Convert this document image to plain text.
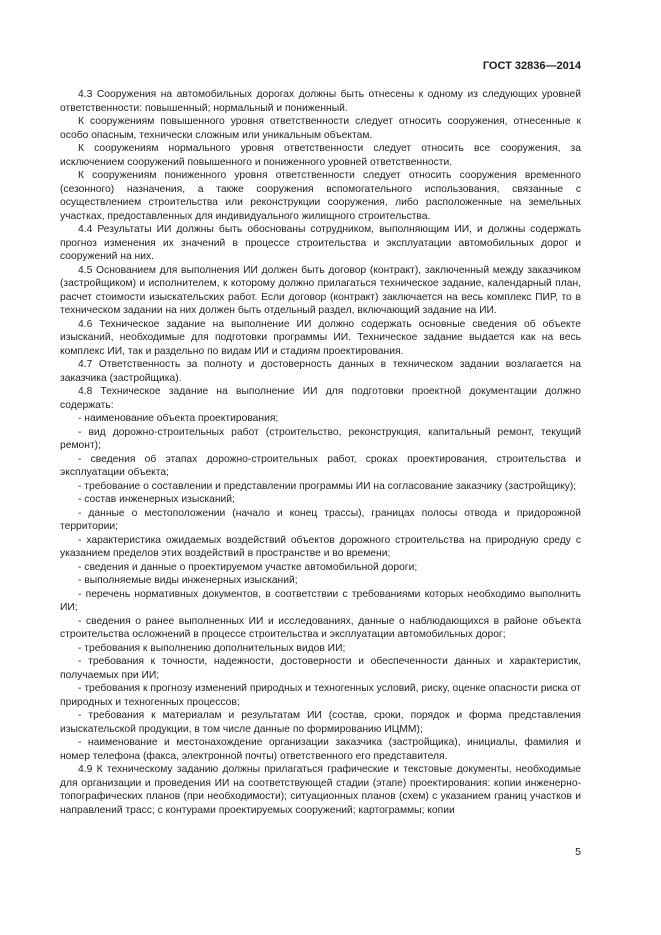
ГОСТ 32836—2014

4.3 Сооружения на автомобильных дорогах должны быть отнесены к одному из следующих уровней ответственности: повышенный; нормальный и пониженный.

К сооружениям повышенного уровня ответственности следует относить сооружения, отнесенные к особо опасным, технически сложным или уникальным объектам.

К сооружениям нормального уровня ответственности следует относить все сооружения, за исключением сооружений повышенного и пониженного уровней ответственности.

К сооружениям пониженного уровня ответственности следует относить сооружения временного (сезонного) назначения, а также сооружения вспомогательного использования, связанные с осуществлением строительства или реконструкции сооружения, либо расположенные на земельных участках, предоставленных для индивидуального жилищного строительства.

4.4 Результаты ИИ должны быть обоснованы сотрудником, выполняющим ИИ, и должны содержать прогноз изменения их значений в процессе строительства и эксплуатации автомобильных дорог и сооружений на них.

4.5 Основанием для выполнения ИИ должен быть договор (контракт), заключенный между заказчиком (застройщиком) и исполнителем, к которому должно прилагаться техническое задание, календарный план, расчет стоимости изыскательских работ. Если договор (контракт) заключается на весь комплекс ПИР, то в техническом задании на них должен быть отдельный раздел, включающий задание на ИИ.

4.6 Техническое задание на выполнение ИИ должно содержать основные сведения об объекте изысканий, необходимые для подготовки программы ИИ. Техническое задание выдается как на весь комплекс ИИ, так и раздельно по видам ИИ и стадиям проектирования.

4.7 Ответственность за полноту и достоверность данных в техническом задании возлагается на заказчика (застройщика).

4.8 Техническое задание на выполнение ИИ для подготовки проектной документации должно содержать:

- наименование объекта проектирования;

- вид дорожно-строительных работ (строительство, реконструкция, капитальный ремонт, текущий ремонт);

- сведения об этапах дорожно-строительных работ, сроках проектирования, строительства и эксплуатации объекта;

- требование о составлении и представлении программы ИИ на согласование заказчику (застройщику);

- состав инженерных изысканий;

- данные о местоположении (начало и конец трассы), границах полосы отвода и придорожной территории;

- характеристика ожидаемых воздействий объектов дорожного строительства на природную среду с указанием пределов этих воздействий в пространстве и во времени;

- сведения и данные о проектируемом участке автомобильной дороги;

- выполняемые виды инженерных изысканий;

- перечень нормативных документов, в соответствии с требованиями которых необходимо выполнить ИИ;

- сведения о ранее выполненных ИИ и исследованиях, данные о наблюдающихся в районе объекта строительства осложнений в процессе строительства и эксплуатации автомобильных дорог;

- требования к выполнению дополнительных видов ИИ;

- требования к точности, надежности, достоверности и обеспеченности данных и характеристик, получаемых при ИИ;

- требования к прогнозу изменений природных и техногенных условий, риску, оценке опасности риска от природных и техногенных процессов;

- требования к материалам и результатам ИИ (состав, сроки, порядок и форма представления изыскательской продукции, в том числе данные по формированию ИЦММ);

- наименование и местонахождение организации заказчика (застройщика), инициалы, фамилия и номер телефона (факса, электронной почты) ответственного его представителя.

4.9 К техническому заданию должны прилагаться графические и текстовые документы, необходимые для организации и проведения ИИ на соответствующей стадии (этапе) проектирования: копии инженерно-топографических планов (при необходимости); ситуационных планов (схем) с указанием границ участков и направлений трасс; с контурами проектируемых сооружений; картограммы; копии

5
